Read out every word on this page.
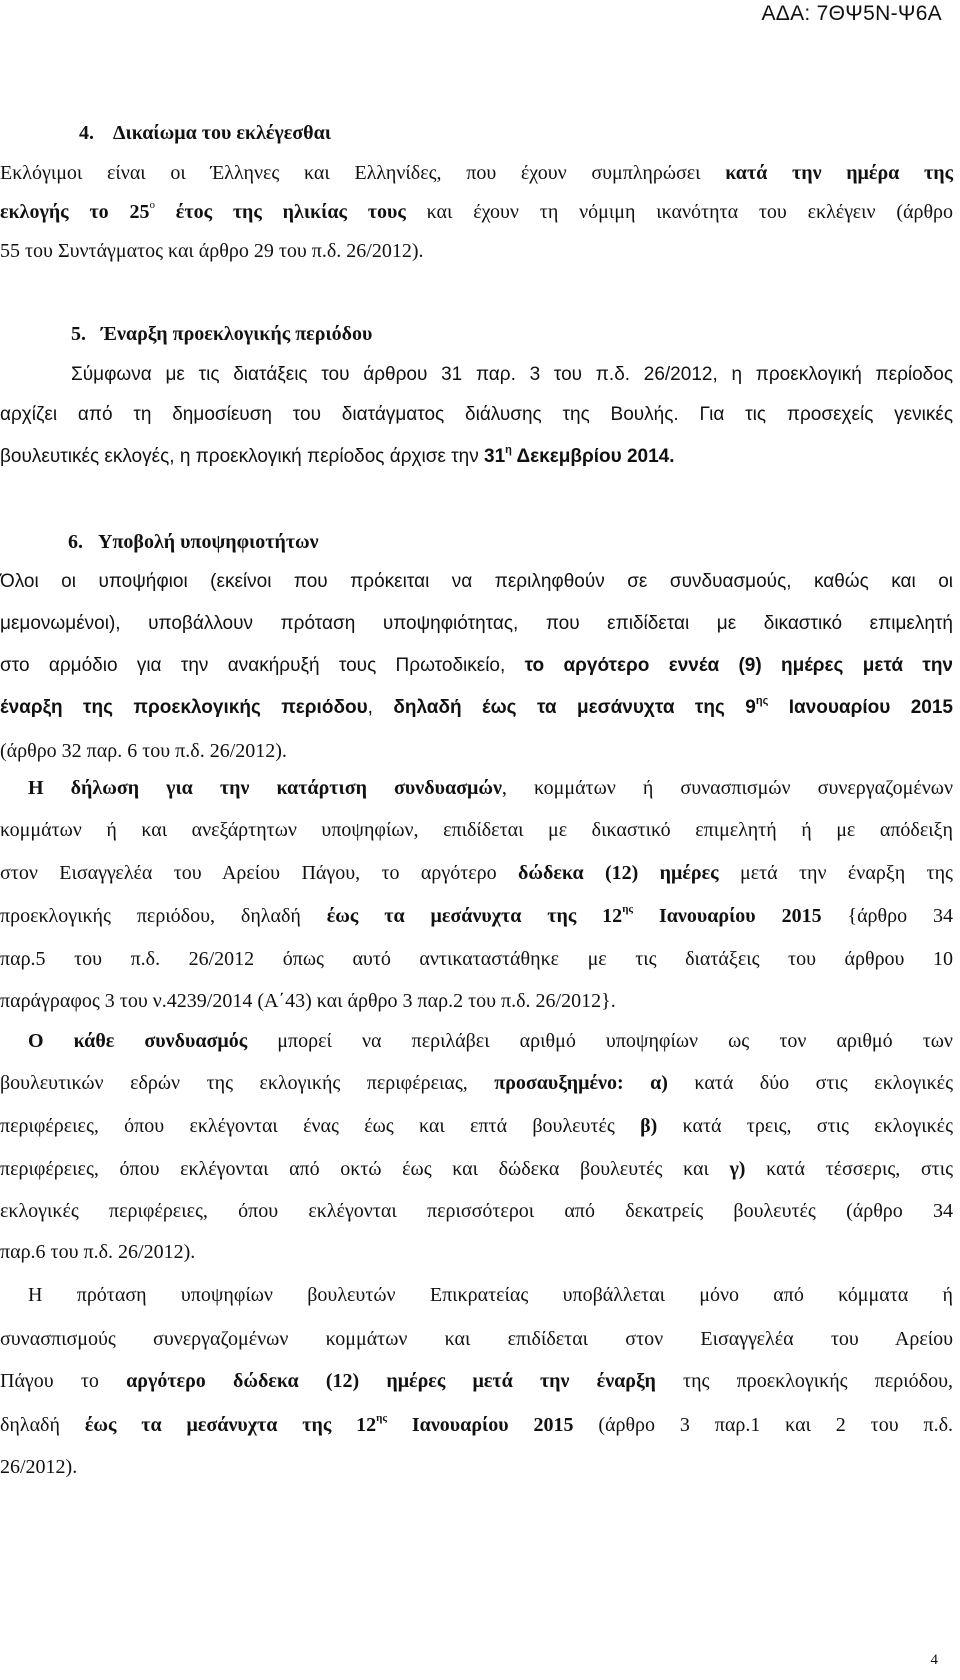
ΑΔΑ: 7ΘΨ5Ν-Ψ6Α
4. Δικαίωμα του εκλέγεσθαι
Εκλόγιμοι είναι οι Έλληνες και Ελληνίδες, που έχουν συμπληρώσει κατά την ημέρα της
εκλογής το $25^o$ έτος της ηλικίας τους και έχουν τη νόμιμη ικανότητα του εκλέγειν (άρθρο
55 του Συντάγματος και άρθρο 29 του π.δ. 26/2012).
5. Έναρξη προεκλογικής περιόδου
Σύμφωνα με τις διατάξεις του άρθρου 31 παρ. 3 του π.δ. 26/2012, η προεκλογική περίοδος
αρχίζει από τη δημοσίευση του διατάγματος διάλυσης της Βουλής. Για τις προσεχείς γενικές
βουλευτικές εκλογές, η προεκλογική περίοδος άρχισε την $31^\eta$ Δεκεμβρίου 2014.
6. Υποβολή υποψηφιοτήτων
Όλοι οι υποψήφιοι (εκείνοι που πρόκειται να περιληφθούν σε συνδυασμούς, καθώς και οι
μεμονωμένοι), υποβάλλουν πρόταση υποψηφιότητας, που επιδίδεται με δικαστικό επιμελητή
στο αρμόδιο για την ανακήρυξή τους Πρωτοδικείο, το αργότερο εννέα (9) ημέρες μετά την
έναρξη της προεκλογικής περιόδου, δηλαδή έως τα μεσάνυχτα της $9^{\eta\varsigma}$ Ιανουαρίου 2015
(άρθρο 32 παρ. 6 του π.δ. 26/2012).
Η δήλωση για την κατάρτιση συνδυασμών, κομμάτων ή συνασπισμών συνεργαζομένων
κομμάτων ή και ανεξάρτητων υποψηφίων, επιδίδεται με δικαστικό επιμελητή ή με απόδειξη
στον Εισαγγελέα του Αρείου Πάγου, το αργότερο δώδεκα (12) ημέρες μετά την έναρξη της
προεκλογικής περιόδου, δηλαδή έως τα μεσάνυχτα της $12^{\eta\varsigma}$ Ιανουαρίου 2015 {άρθρο 34
παρ.5 του π.δ. 26/2012 όπως αυτό αντικαταστάθηκε με τις διατάξεις του άρθρου 10
παράγραφος 3 του ν.4239/2014 (Α΄43) και άρθρο 3 παρ.2 του π.δ. 26/2012}.
Ο κάθε συνδυασμός μπορεί να περιλάβει αριθμό υποψηφίων ως τον αριθμό των
βουλευτικών εδρών της εκλογικής περιφέρειας, προσαυξημένο: α) κατά δύο στις εκλογικές
περιφέρειες, όπου εκλέγονται ένας έως και επτά βουλευτές β) κατά τρεις, στις εκλογικές
περιφέρειες, όπου εκλέγονται από οκτώ έως και δώδεκα βουλευτές και γ) κατά τέσσερις, στις
εκλογικές περιφέρειες, όπου εκλέγονται περισσότεροι από δεκατρείς βουλευτές (άρθρο 34
παρ.6 του π.δ. 26/2012).
Η πρόταση υποψηφίων βουλευτών Επικρατείας υποβάλλεται μόνο από κόμματα ή
συνασπισμούς συνεργαζομένων κομμάτων και επιδίδεται στον Εισαγγελέα του Αρείου
Πάγου το αργότερο δώδεκα (12) ημέρες μετά την έναρξη της προεκλογικής περιόδου,
δηλαδή έως τα μεσάνυχτα της $12^{\eta\varsigma}$ Ιανουαρίου 2015 (άρθρο 3 παρ.1 και 2 του π.δ.
26/2012).
4
